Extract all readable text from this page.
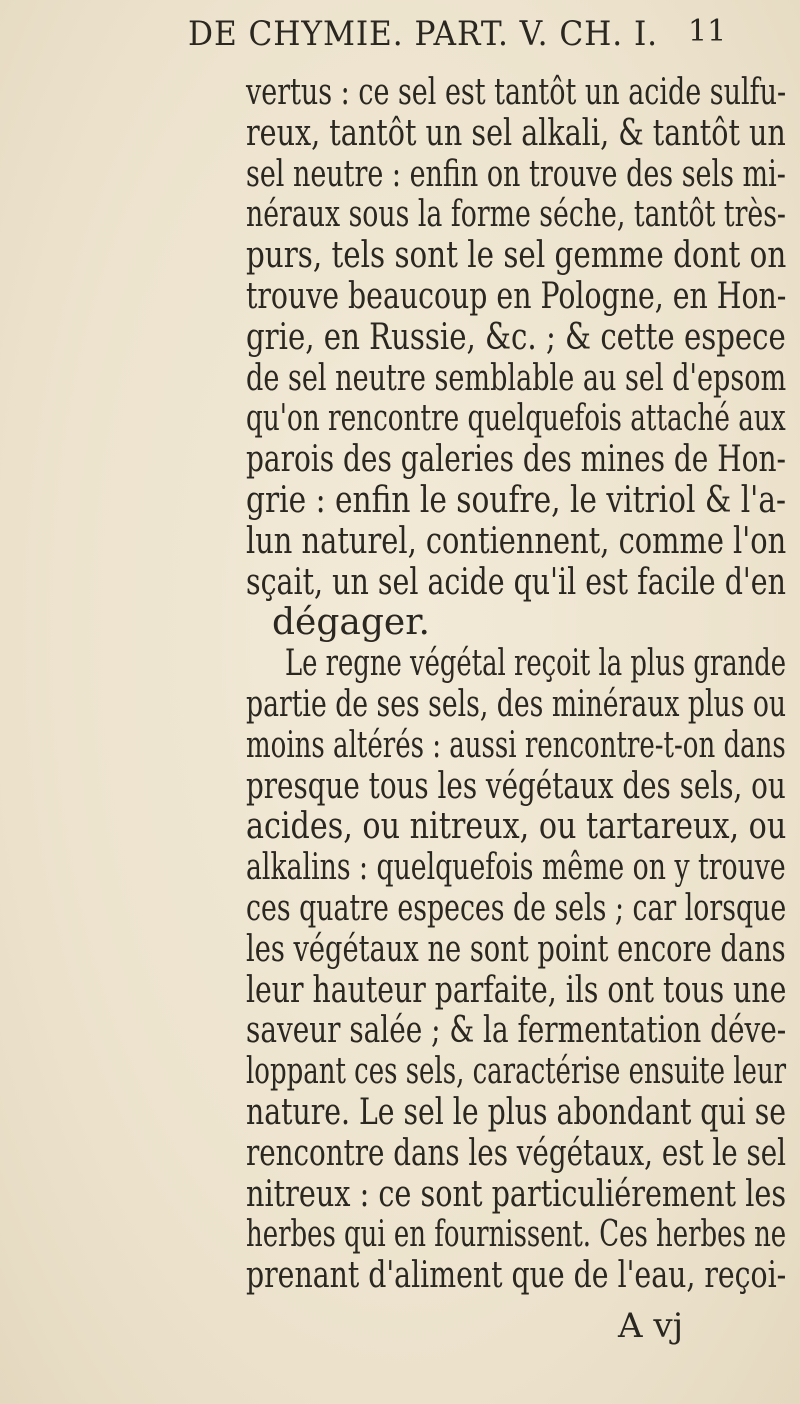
DE CHYMIE. PART. V. CH. I. 11
vertus : ce sel est tantôt un acide sulfu-
reux, tantôt un sel alkali, & tantôt un
sel neutre : enfin on trouve des sels mi-
néraux sous la forme séche, tantôt très-
purs, tels sont le sel gemme dont on
trouve beaucoup en Pologne, en Hon-
grie, en Russie, &c. ; & cette espece
de sel neutre semblable au sel d'epsom
qu'on rencontre quelquefois attaché aux
parois des galeries des mines de Hon-
grie : enfin le soufre, le vitriol & l'a-
lun naturel, contiennent, comme l'on
sçait, un sel acide qu'il est facile d'en
dégager.
Le regne végétal reçoit la plus grande
partie de ses sels, des minéraux plus ou
moins altérés : aussi rencontre-t-on dans
presque tous les végétaux des sels, ou
acides, ou nitreux, ou tartareux, ou
alkalins : quelquefois même on y trouve
ces quatre especes de sels ; car lorsque
les végétaux ne sont point encore dans
leur hauteur parfaite, ils ont tous une
saveur salée ; & la fermentation déve-
loppant ces sels, caractérise ensuite leur
nature. Le sel le plus abondant qui se
rencontre dans les végétaux, est le sel
nitreux : ce sont particuliérement les
herbes qui en fournissent. Ces herbes ne
prenant d'aliment que de l'eau, reçoi-
A vj
